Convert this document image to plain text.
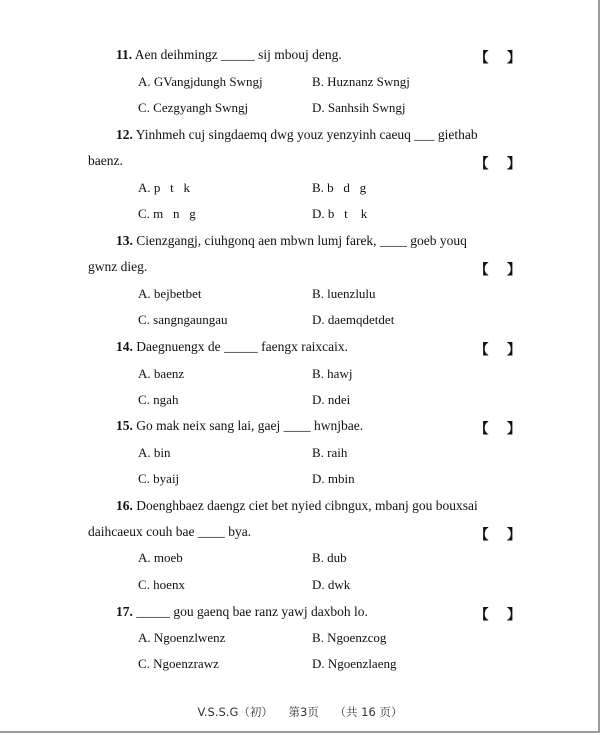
11. Aen deihmingz _____ sij mbouj deng.	【    】
A. GVangjdungh Swngj	B. Huznanz Swngj
C. Cezgyangh Swngj	D. Sanhsih Swngj
12. Yinhmeh cuj singdaemq dwg youz yenzyinh caeuq ___ giethab
baenz.	【    】
A. p   t   k	B. b   d   g
C. m   n   g	D. b   t    k
13. Cienzgangj, ciuhgonq aen mbwn lumj farek, ____ goeb youq
gwnz dieg.	【    】
A. bejbetbet	B. luenzlulu
C. sangngaungau	D. daemqdetdet
14. Daegnuengx de _____ faengx raixcaix.	【    】
A. baenz	B. hawj
C. ngah	D. ndei
15. Go mak neix sang lai, gaej ____ hwnjbae.	【    】
A. bin	B. raih
C. byaij	D. mbin
16. Doenghbaez daengz ciet bet nyied cibnguх, mbanj gou bouxsai
daihcaeux couh bae ____ bya.	【    】
A. moeb	B. dub
C. hoenx	D. dwk
17. _____ gou gaenq bae ranz yawj daxboh lo.	【    】
A. Ngoenzlwenz	B. Ngoenzcog
C. Ngoenzrawz	D. Ngoenzlaeng
V.S.S.G（初） 第3页 （共 16 页）
